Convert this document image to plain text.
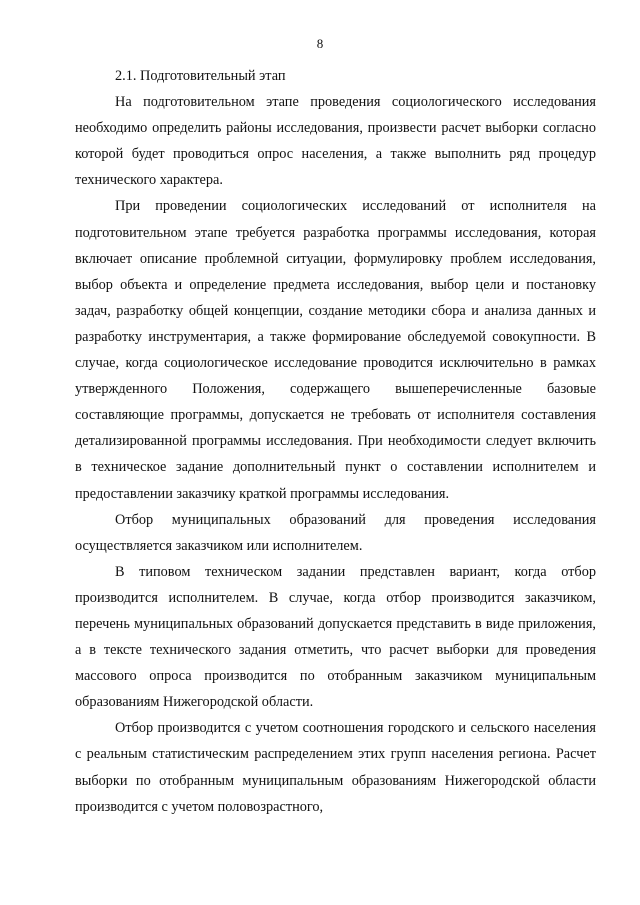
8

2.1. Подготовительный этап

На подготовительном этапе проведения социологического исследования необходимо определить районы исследования, произвести расчет выборки согласно которой будет проводиться опрос населения, а также выполнить ряд процедур технического характера.

При проведении социологических исследований от исполнителя на подготовительном этапе требуется разработка программы исследования, которая включает описание проблемной ситуации, формулировку проблем исследования, выбор объекта и определение предмета исследования, выбор цели и постановку задач, разработку общей концепции, создание методики сбора и анализа данных и разработку инструментария, а также формирование обследуемой совокупности. В случае, когда социологическое исследование проводится исключительно в рамках утвержденного Положения, содержащего вышеперечисленные базовые составляющие программы, допускается не требовать от исполнителя составления детализированной программы исследования. При необходимости следует включить в техническое задание дополнительный пункт о составлении исполнителем и предоставлении заказчику краткой программы исследования.

Отбор муниципальных образований для проведения исследования осуществляется заказчиком или исполнителем.

В типовом техническом задании представлен вариант, когда отбор производится исполнителем. В случае, когда отбор производится заказчиком, перечень муниципальных образований допускается представить в виде приложения, а в тексте технического задания отметить, что расчет выборки для проведения массового опроса производится по отобранным заказчиком муниципальным образованиям Нижегородской области.

Отбор производится с учетом соотношения городского и сельского населения с реальным статистическим распределением этих групп населения региона. Расчет выборки по отобранным муниципальным образованиям Нижегородской области производится с учетом половозрастного,
